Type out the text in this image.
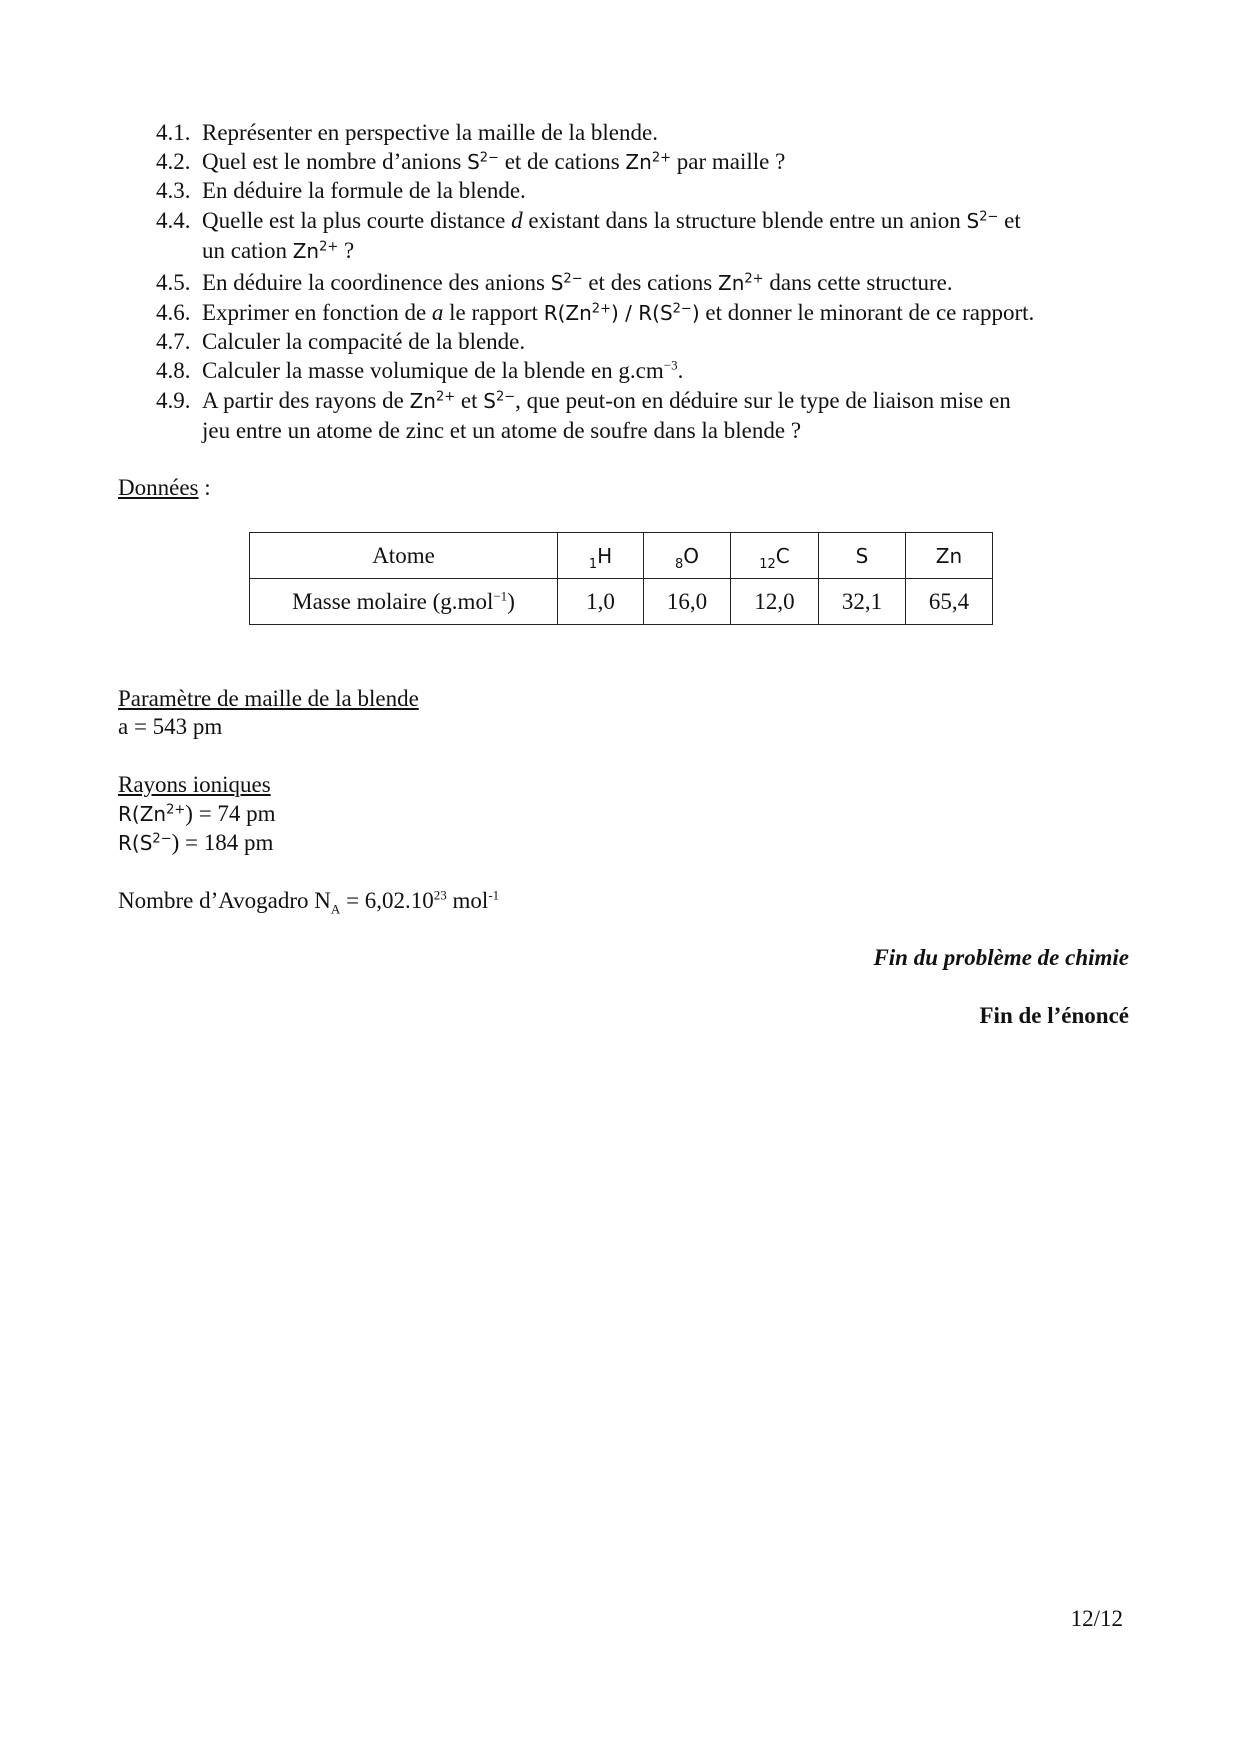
4.1. Représenter en perspective la maille de la blende.
4.2. Quel est le nombre d’anions $S^{2-}$ et de cations $Zn^{2+}$ par maille ?
4.3. En déduire la formule de la blende.
4.4. Quelle est la plus courte distance d existant dans la structure blende entre un anion $S^{2-}$ et
un cation $Zn^{2+}$ ?
4.5. En déduire la coordinence des anions $S^{2-}$ et des cations $Zn^{2+}$ dans cette structure.
4.6. Exprimer en fonction de a le rapport $R(Zn^{2+}) / R(S^{2-})$ et donner le minorant de ce rapport.
4.7. Calculer la compacité de la blende.
4.8. Calculer la masse volumique de la blende en $g.cm^{-3}$.
4.9. A partir des rayons de $Zn^{2+}$ et $S^{2-}$, que peut-on en déduire sur le type de liaison mise en
jeu entre un atome de zinc et un atome de soufre dans la blende ?
Données :
Atome	$_1$H	$_8$O	$_{12}$C	S	Zn
Masse molaire (g.mol$^{-1}$)	1,0	16,0	12,0	32,1	65,4
Paramètre de maille de la blende
a = 543 pm
Rayons ioniques
$R(Zn^{2+}) = 74$ pm
$R(S^{2-}) = 184$ pm
Nombre d’Avogadro $N_A = 6,02.10^{23}$ mol$^{-1}$
Fin du problème de chimie
Fin de l’énoncé
12/12
